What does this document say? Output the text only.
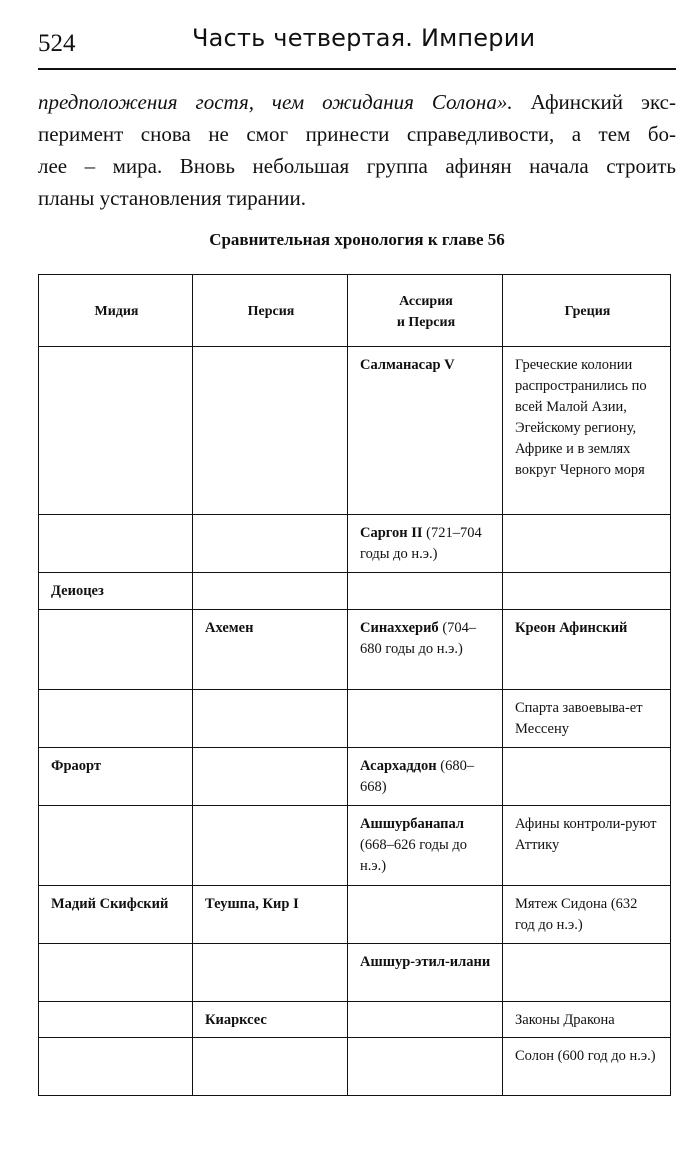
524	Часть четвертая. Империи
предположения гостя, чем ожидания Солона». Афинский экс-
перимент снова не смог принести справедливости, а тем бо-
лее – мира. Вновь небольшая группа афинян начала строить
планы установления тирании.
Сравнительная хронология к главе 56
Мидия	Персия	Ассирия
и Персия	Греция
		Салманасар V	Греческие колонии распространились по всей Малой Азии, Эгейскому региону, Африке и в землях вокруг Черного моря
		Саргон II (721–704 годы до н.э.)	
Деиоцез			
	Ахемен	Синаххериб (704–680 годы до н.э.)	Креон Афинский
			Спарта завоевыва-ет Мессену
Фраорт		Асархаддон (680–668)	
		Ашшурбанапал (668–626 годы до н.э.)	Афины контроли-руют Аттику
Мадий Скифский	Теушпа, Кир I		Мятеж Сидона (632 год до н.э.)
		Ашшур-этил-илани	
	Киарксес		Законы Дракона
			Солон (600 год до н.э.)
